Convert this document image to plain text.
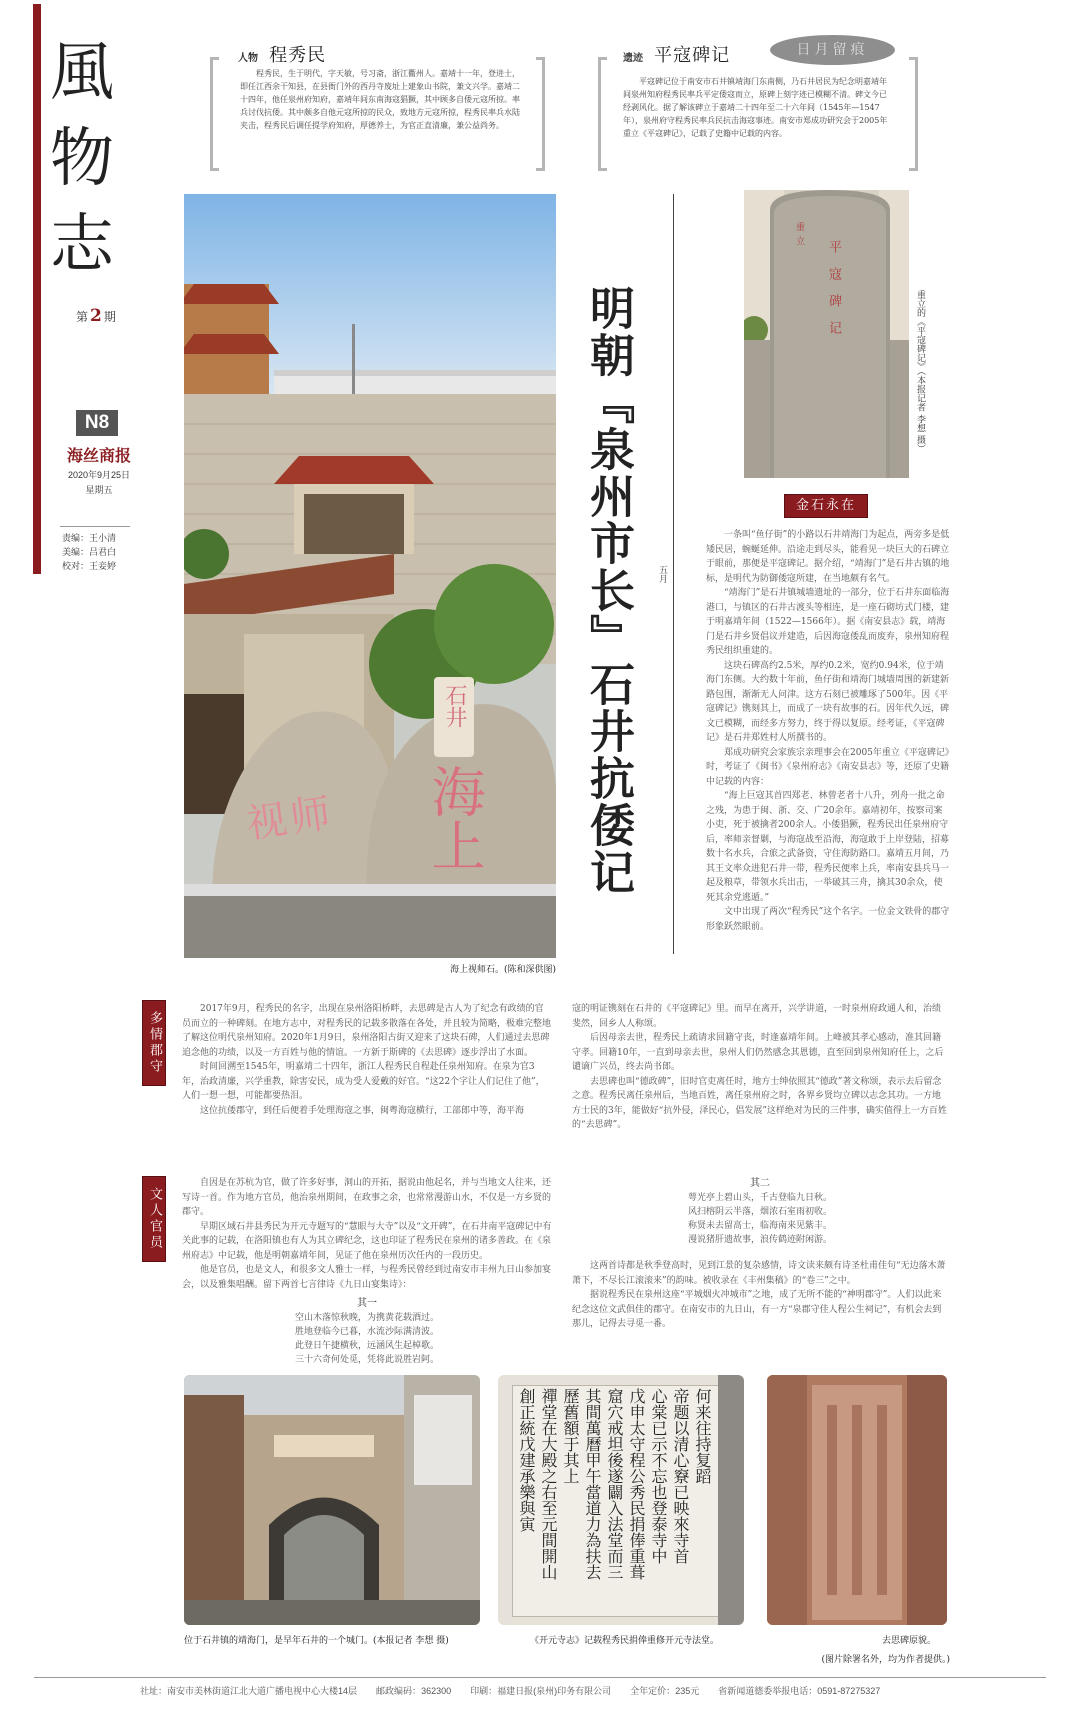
風
物
志
第 2 期
N8
海丝商报
2020年9月25日
星期五
责编：王小清
美编：吕君白
校对：王妾婷
人物 程秀民

程秀民，生于明代，字天敏，号习斋，浙江衢州人。嘉靖十一年，登进士，即任江西余干知县，在县衙门外的西丹寺废址上建象山书院，兼文兴学。嘉靖二十四年，他任泉州府知府，嘉靖年间东南海寇猖獗，其中顾多自倭元寇所掠。率兵讨伐抗倭。其中颇多自他元寇所掠的民众，致地方元寇所掠，程秀民率兵水陆夹击，程秀民后调任提学府知府，厚德养士，为官正直清廉，兼公益尚务。

遗迹 平寇碑记	日月留痕

平寇碑记位于南安市石井镇靖海门东南侧，乃石井居民为纪念明嘉靖年间泉州知府程秀民率兵平定倭寇而立，原碑上刻字迹已模糊不清。碑文今已经剥风化。据了解该碑立于嘉靖二十四年至二十六年间（1545年—1547年），泉州府守程秀民率兵民抗击海寇事迹。南安市郑成功研究会于2005年重立《平寇碑记》，记载了史籍中记载的内容。

石井
视师	海上
海上视师石。(陈和深供图)
明朝『泉州市长』石井抗倭记
五月
重
立 平寇碑记	重立的《平寇碑记》（本报记者 李想 摄）
金石永在

一条叫“鱼仔街”的小路以石井靖海门为起点，两旁多是低矮民居，蜿蜒延伸。沿途走到尽头，能看见一块巨大的石碑立于眼前，那便是平寇碑记。据介绍，“靖海门”是石井古镇的地标，是明代为防御倭寇所建，在当地颇有名气。

“靖海门”是石井镇城墙遗址的一部分，位于石井东面临海港口，与镇区的石井古渡头等相连，是一座石砌坊式门楼，建于明嘉靖年间（1522—1566年）。据《南安县志》载，靖海门是石井乡贤倡议并建造，后因海寇倭乱而废弃，泉州知府程秀民组织重建的。

这块石碑高约2.5米，厚约0.2米，宽约0.94米，位于靖海门东侧。大约数十年前，鱼仔街和靖海门城墙周围的新建新路包围，渐渐无人问津。这方石刻已被雕琢了500年。因《平寇碑记》镌刻其上，而成了一块有故事的石。因年代久远，碑文已模糊，而经多方努力，终于得以复原。经考证，《平寇碑记》是石井郑姓村人所撰书的。

郑成功研究会家族宗亲理事会在2005年重立《平寇碑记》时，考证了《闽书》《泉州府志》《南安县志》等，还原了史籍中记载的内容：

“海上巨寇其首四郑老、林曾老者十八升，列舟一批之命之残，为患于闽、浙、交、广20余年。嘉靖初年，按察司案小吏，死于被擒者200余人。小倭猖獗，程秀民出任泉州府守后，率师亲督剿，与海寇战至沿海，海寇敢于上岸登陆，招募数十名水兵，合旅之武备资，守住海防路口。嘉靖五月间，乃其王文率众进犯石井一带，程秀民便率上兵，率南安县兵马一起及粮草，带领水兵出击，一举破其三舟，擒其30余众，使死其余党逃遁。”

文中出现了两次“程秀民”这个名字。一位金文铁骨的郡守形象跃然眼前。

多情郡守

2017年9月，程秀民的名字，出现在泉州洛阳桥畔，去思碑是古人为了纪念有政绩的官员而立的一种碑刻。在地方志中，对程秀民的记载多散落在各处，并且较为简略，极难完整地了解这位明代泉州知府。2020年1月9日，泉州洛阳古街又迎来了这块石碑，人们通过去思碑追念他的功绩，以及一方百姓与他的情谊。一方新于斯碑的《去思碑》逐步浮出了水面。

时间回溯至1545年，明嘉靖二十四年，浙江人程秀民自程赴任泉州知府。在泉为官3年，治政清廉，兴学重教，除害安民，成为受人爱戴的好官。“这22个字让人们记住了他”，人们一想一想，可能都要热泪。

这位抗倭郡守，到任后便着手处理海寇之事，闽粤海寇横行，工部郎中等，海平海

寇的明证镌刻在石井的《平寇碑记》里。而早在离开，兴学讲道，一时泉州府政通人和，治绩斐然，回乡人人称颂。

后因母亲去世，程秀民上疏请求回籍守丧，时逢嘉靖年间。上峰被其孝心感动，准其回籍守孝。回籍10年，一直到母亲去世，泉州人们仍然感念其恩德，直至回到泉州知府任上，之后谴谪广兴员，终去尚书郎。

去思碑也叫“德政碑”，旧时官吏离任时，地方士绅依照其“德政”著文称颂，表示去后留念之意。程秀民离任泉州后，当地百姓，离任泉州府之时，各界乡贤均立碑以志念其功。一方地方士民的3年，能做好“抗外侵，泽民心，倡发展”这样绝对为民的三件事，确实值得上一方百姓的“去思碑”。

文人官员

自因是在苏杭为官，做了许多好事，洞山的开拓，据说由他起名，并与当地文人往来，还写诗一首。作为地方官员，他治泉州期间，在政事之余，也常常漫游山水，不仅是一方乡贤的郡守。

早期区域石井县秀民为开元寺题写的“慧眼与大寺”以及“文开碑”，在石井南平寇碑记中有关此事的记载，在洛阳镇也有人为其立碑纪念，这也印证了程秀民在泉州的诸多善政。在《泉州府志》中记载，他是明朝嘉靖年间，见证了他在泉州历次任内的一段历史。

他是官员，也是文人，和很多文人雅士一样，与程秀民曾经到过南安市丰州九日山参加宴会，以及雅集唱酬。留下两首七言律诗《九日山宴集诗》：

其一
空山木落惊秋晚，为携黄花载酒过。
胜地登临今已暮，水流沙际满清波。
此登日午捷横秋，远涵风生起棹歌。
三十六奇何处觅，凭将此说胜岩阿。
其二
萼光亭上碧山头，千古登临九日秋。
风扫榕阴云半落，烟浓石室雨初收。
称贤未去留高士，临海南来见紫丰。
漫说猪肝遗故事，浪传鹤迹附闲游。

这两首诗都是秋季登高时，见到江景的复杂感情，诗文读来颇有诗圣杜甫佳句“无边落木萧萧下，不尽长江滚滚来”的韵味。被收录在《丰州集稿》的“卷三”之中。

据说程秀民在泉州这座“平城烟火冲城市”之地，成了无所不能的“神明郡守”。人们以此来纪念这位文武俱佳的郡守。在南安市的九日山，有一方“泉郡守佳人程公生祠记”，有机会去到那儿，记得去寻觅一番。

位于石井镇的靖海门，是早年石井的一个城门。(本报记者 李想 摄)
何来往持复蹈
帝题以清心竂已映來寺首
心棠已示不忘也登泰寺中
戊申太守程公秀民捐俸重葺
窟穴戒坦後遂闢入法堂而三
其間萬曆甲午當道力為扶去
歷舊額于其上
禪堂在大殿之右至元間開山
創正統戊建承樂與寅
《开元寺志》记载程秀民捐俸重修开元寺法堂。	去思碑原貌。
(图片除署名外，均为作者提供。)
社址：南安市美林街道江北大道广播电视中心大楼14层 邮政编码：362300 印刷：福建日报(泉州)印务有限公司 全年定价：235元 省新闻道德委举报电话：0591-87275327
